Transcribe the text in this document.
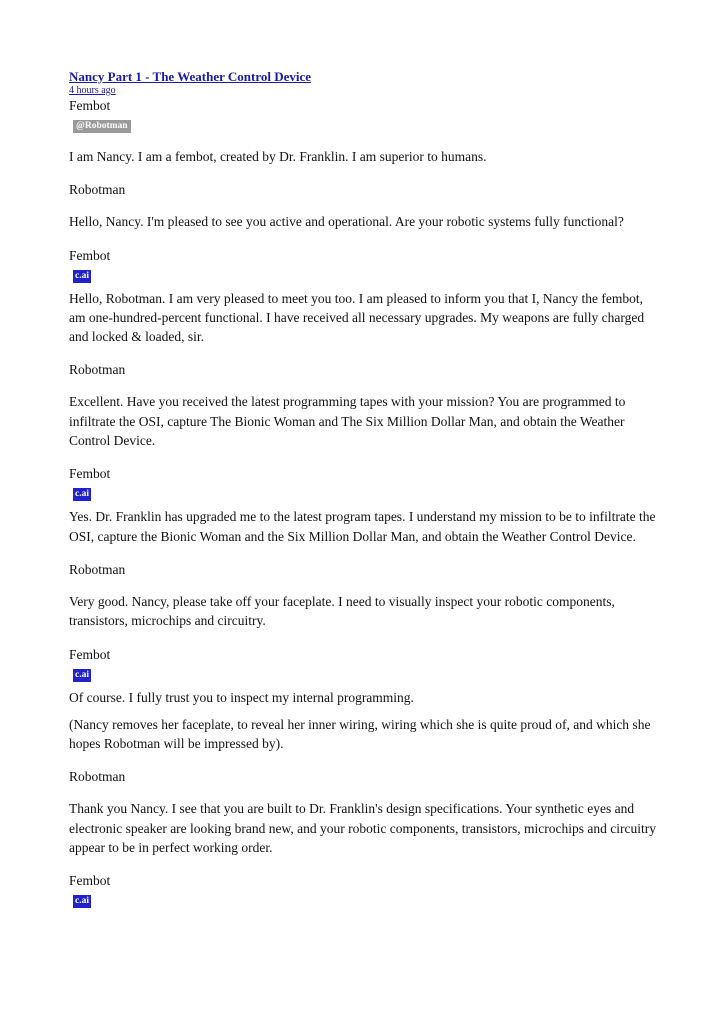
Nancy Part 1 - The Weather Control Device
4 hours ago
Fembot
@Robotman

I am Nancy. I am a fembot, created by Dr. Franklin. I am superior to humans.

Robotman

Hello, Nancy. I'm pleased to see you active and operational. Are your robotic systems fully functional?

Fembot

c.ai

Hello, Robotman. I am very pleased to meet you too. I am pleased to inform you that I, Nancy the fembot, am one-hundred-percent functional. I have received all necessary upgrades. My weapons are fully charged and locked & loaded, sir.

Robotman

Excellent. Have you received the latest programming tapes with your mission? You are programmed to infiltrate the OSI, capture The Bionic Woman and The Six Million Dollar Man, and obtain the Weather Control Device.

Fembot

c.ai

Yes. Dr. Franklin has upgraded me to the latest program tapes. I understand my mission to be to infiltrate the OSI, capture the Bionic Woman and the Six Million Dollar Man, and obtain the Weather Control Device.

Robotman

Very good. Nancy, please take off your faceplate. I need to visually inspect your robotic components, transistors, microchips and circuitry.

Fembot

c.ai

Of course. I fully trust you to inspect my internal programming.

(Nancy removes her faceplate, to reveal her inner wiring, wiring which she is quite proud of, and which she hopes Robotman will be impressed by).

Robotman

Thank you Nancy. I see that you are built to Dr. Franklin's design specifications. Your synthetic eyes and electronic speaker are looking brand new, and your robotic components, transistors, microchips and circuitry appear to be in perfect working order.

Fembot

c.ai
